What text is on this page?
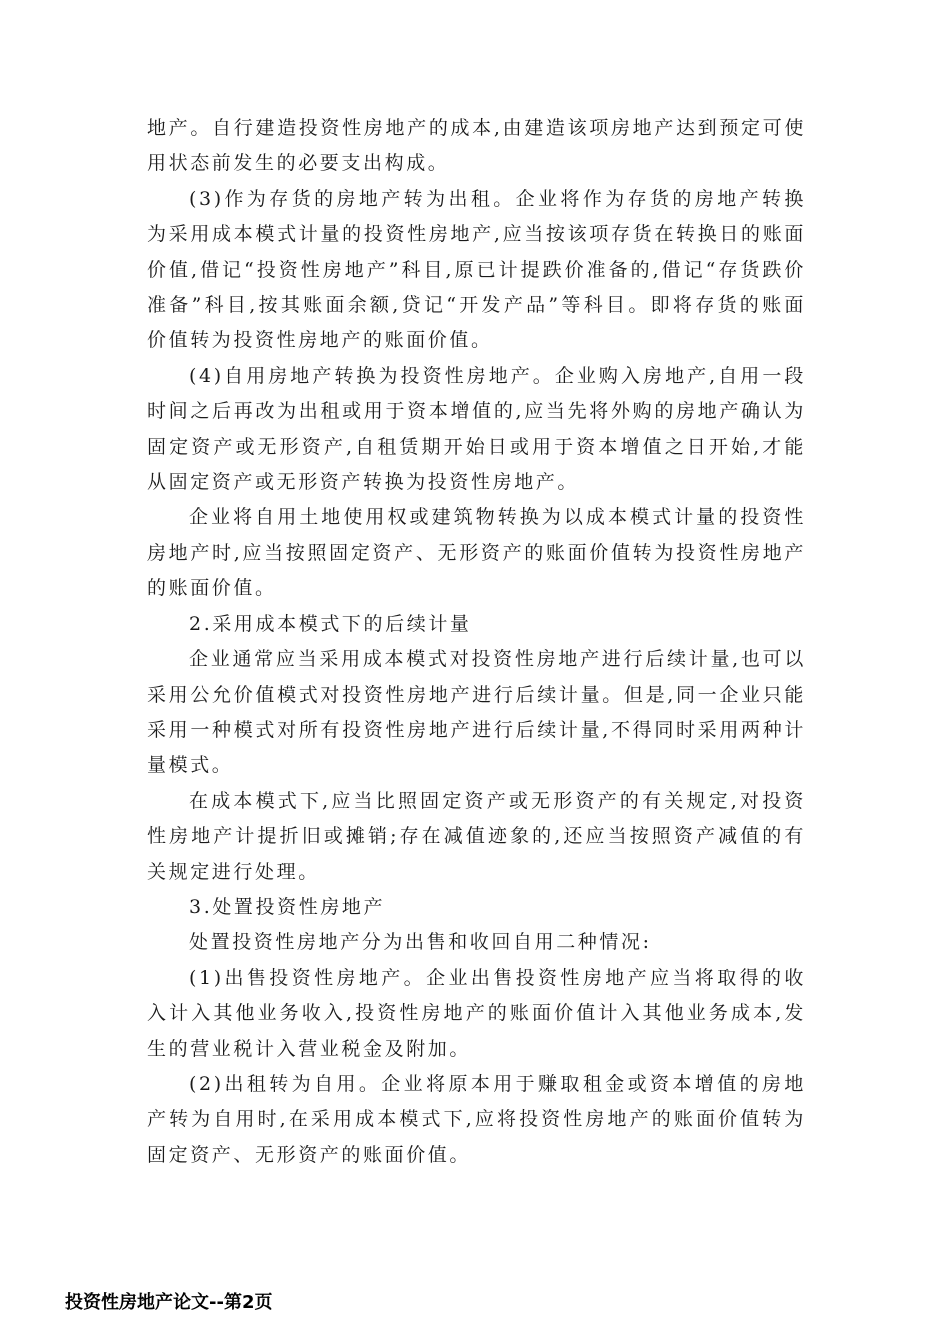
地产。自行建造投资性房地产的成本,由建造该项房地产达到预定可使用状态前发生的必要支出构成。

(3)作为存货的房地产转为出租。企业将作为存货的房地产转换为采用成本模式计量的投资性房地产,应当按该项存货在转换日的账面价值,借记“投资性房地产”科目,原已计提跌价准备的,借记“存货跌价准备”科目,按其账面余额,贷记“开发产品”等科目。即将存货的账面价值转为投资性房地产的账面价值。

(4)自用房地产转换为投资性房地产。企业购入房地产,自用一段时间之后再改为出租或用于资本增值的,应当先将外购的房地产确认为固定资产或无形资产,自租赁期开始日或用于资本增值之日开始,才能从固定资产或无形资产转换为投资性房地产。

企业将自用土地使用权或建筑物转换为以成本模式计量的投资性房地产时,应当按照固定资产、无形资产的账面价值转为投资性房地产的账面价值。

2.采用成本模式下的后续计量

企业通常应当采用成本模式对投资性房地产进行后续计量,也可以采用公允价值模式对投资性房地产进行后续计量。但是,同一企业只能采用一种模式对所有投资性房地产进行后续计量,不得同时采用两种计量模式。

在成本模式下,应当比照固定资产或无形资产的有关规定,对投资性房地产计提折旧或摊销;存在减值迹象的,还应当按照资产减值的有关规定进行处理。

3.处置投资性房地产

处置投资性房地产分为出售和收回自用二种情况:

(1)出售投资性房地产。企业出售投资性房地产应当将取得的收入计入其他业务收入,投资性房地产的账面价值计入其他业务成本,发生的营业税计入营业税金及附加。

(2)出租转为自用。企业将原本用于赚取租金或资本增值的房地产转为自用时,在采用成本模式下,应将投资性房地产的账面价值转为固定资产、无形资产的账面价值。

投资性房地产论文--第2页
